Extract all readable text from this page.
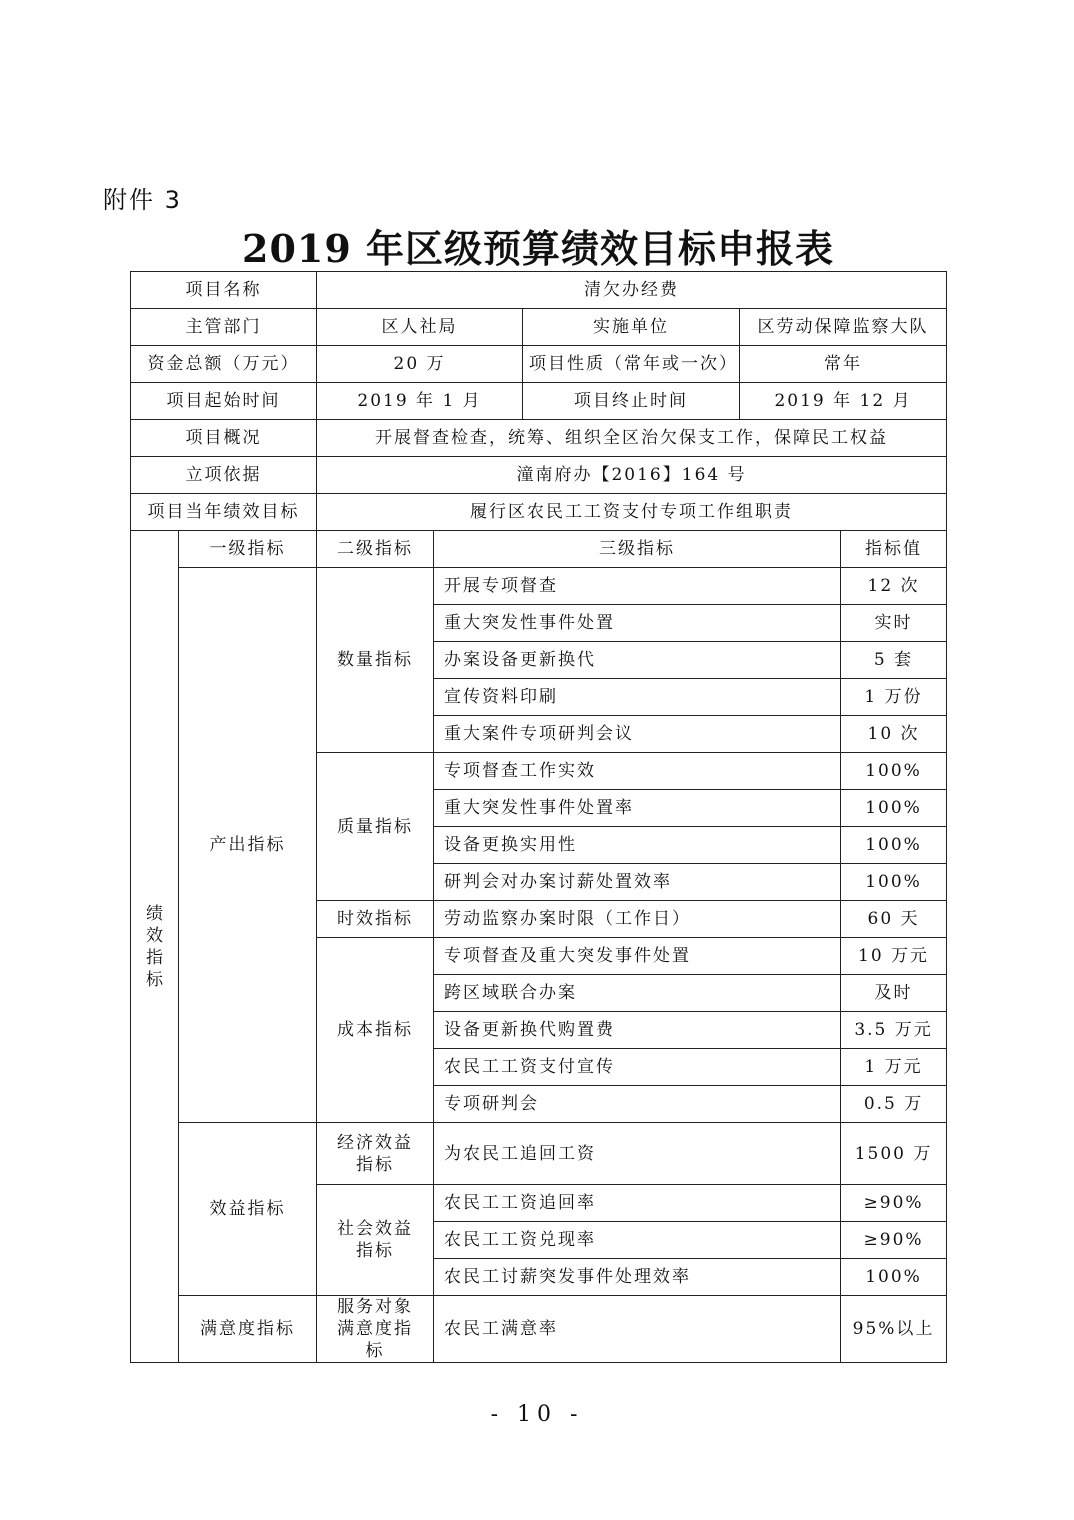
附件 3
2019 年区级预算绩效目标申报表
项目名称		清欠办经费				
主管部门		区人社局		实施单位	区劳动保障监察大队	
资金总额（万元）		20 万		项目性质（常年或一次）	常年	
项目起始时间		2019 年 1 月		项目终止时间	2019 年 12 月	
项目概况		开展督查检查，统筹、组织全区治欠保支工作，保障民工权益				
立项依据		潼南府办【2016】164 号				
项目当年绩效目标		履行区农民工工资支付专项工作组职责				
绩效指标	一级指标	二级指标	三级指标			指标值
	产出指标	数量指标	开展专项督查			12 次
			重大突发性事件处置			实时
			办案设备更新换代			5 套
			宣传资料印刷			1 万份
			重大案件专项研判会议			10 次
		质量指标	专项督查工作实效			100%
			重大突发性事件处置率			100%
			设备更换实用性			100%
			研判会对办案讨薪处置效率			100%
		时效指标	劳动监察办案时限（工作日）			60 天
		成本指标	专项督查及重大突发事件处置			10 万元
			跨区域联合办案			及时
			设备更新换代购置费			3.5 万元
			农民工工资支付宣传			1 万元
			专项研判会			0.5 万
	效益指标	经济效益指标	为农民工追回工资			1500 万
		社会效益指标	农民工工资追回率			≥90%
			农民工工资兑现率			≥90%
			农民工讨薪突发事件处理效率			100%
	满意度指标	服务对象满意度指标	农民工满意率			95%以上
- 10 -
